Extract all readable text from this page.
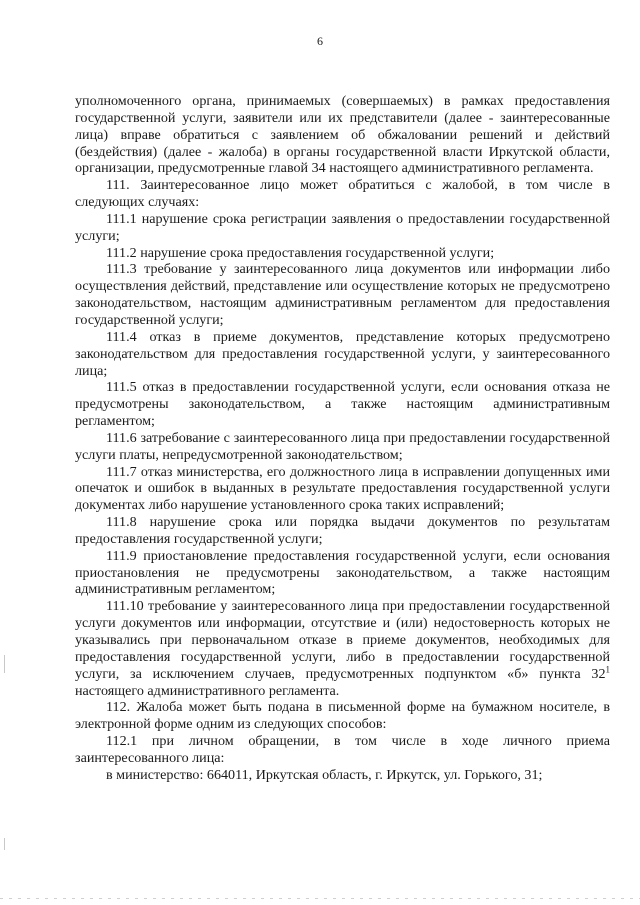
6

уполномоченного органа, принимаемых (совершаемых) в рамках предоставления государственной услуги, заявители или их представители (далее - заинтересованные лица) вправе обратиться с заявлением об обжаловании решений и действий (бездействия) (далее - жалоба) в органы государственной власти Иркутской области, организации, предусмотренные главой 34 настоящего административного регламента.

111. Заинтересованное лицо может обратиться с жалобой, в том числе в следующих случаях:

111.1 нарушение срока регистрации заявления о предоставлении государственной услуги;

111.2 нарушение срока предоставления государственной услуги;

111.3 требование у заинтересованного лица документов или информации либо осуществления действий, представление или осуществление которых не предусмотрено законодательством, настоящим административным регламентом для предоставления государственной услуги;

111.4 отказ в приеме документов, представление которых предусмотрено законодательством для предоставления государственной услуги, у заинтересованного лица;

111.5 отказ в предоставлении государственной услуги, если основания отказа не предусмотрены законодательством, а также настоящим административным регламентом;

111.6 затребование с заинтересованного лица при предоставлении государственной услуги платы, непредусмотренной законодательством;

111.7 отказ министерства, его должностного лица в исправлении допущенных ими опечаток и ошибок в выданных в результате предоставления государственной услуги документах либо нарушение установленного срока таких исправлений;

111.8 нарушение срока или порядка выдачи документов по результатам предоставления государственной услуги;

111.9 приостановление предоставления государственной услуги, если основания приостановления не предусмотрены законодательством, а также настоящим административным регламентом;

111.10 требование у заинтересованного лица при предоставлении государственной услуги документов или информации, отсутствие и (или) недостоверность которых не указывались при первоначальном отказе в приеме документов, необходимых для предоставления государственной услуги, либо в предоставлении государственной услуги, за исключением случаев, предусмотренных подпунктом «б» пункта $32^1$ настоящего административного регламента.

112. Жалоба может быть подана в письменной форме на бумажном носителе, в электронной форме одним из следующих способов:

112.1 при личном обращении, в том числе в ходе личного приема заинтересованного лица:

в министерство: 664011, Иркутская область, г. Иркутск, ул. Горького, 31;
